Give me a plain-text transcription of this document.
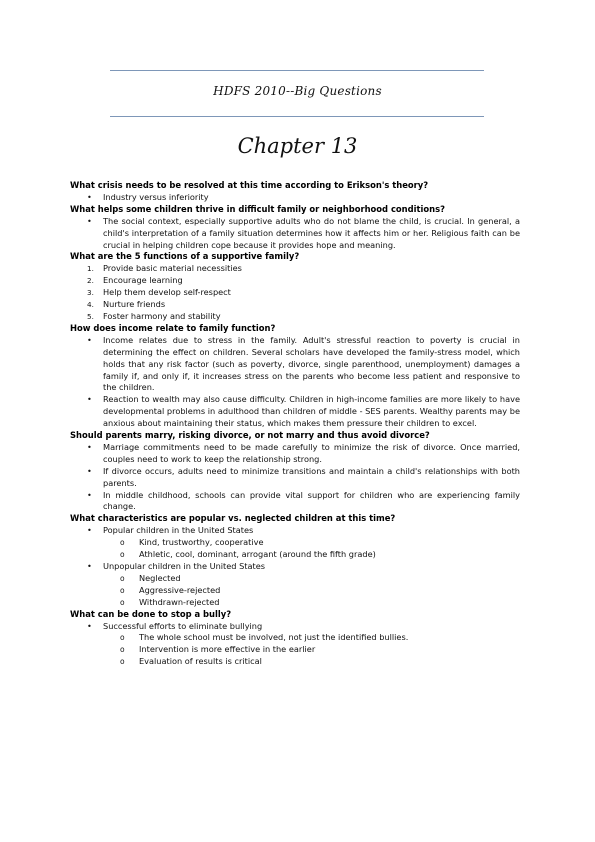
HDFS 2010--Big Questions
Chapter 13
What crisis needs to be resolved at this time according to Erikson's theory?
• Industry versus inferiority
What helps some children thrive in difficult family or neighborhood conditions?
• The social context, especially supportive adults who do not blame the child, is crucial. In general, a child's interpretation of a family situation determines how it affects him or her. Religious faith can be crucial in helping children cope because it provides hope and meaning.
What are the 5 functions of a supportive family?
1. Provide basic material necessities
2. Encourage learning
3. Help them develop self-respect
4. Nurture friends
5. Foster harmony and stability
How does income relate to family function?
• Income relates due to stress in the family. Adult's stressful reaction to poverty is crucial in determining the effect on children. Several scholars have developed the family-stress model, which holds that any risk factor (such as poverty, divorce, single parenthood, unemployment) damages a family if, and only if, it increases stress on the parents who become less patient and responsive to the children.
• Reaction to wealth may also cause difficulty. Children in high-income families are more likely to have developmental problems in adulthood than children of middle - SES parents. Wealthy parents may be anxious about maintaining their status, which makes them pressure their children to excel.
Should parents marry, risking divorce, or not marry and thus avoid divorce?
• Marriage commitments need to be made carefully to minimize the risk of divorce. Once married, couples need to work to keep the relationship strong.
• If divorce occurs, adults need to minimize transitions and maintain a child's relationships with both parents.
• In middle childhood, schools can provide vital support for children who are experiencing family change.
What characteristics are popular vs. neglected children at this time?
• Popular children in the United States
o Kind, trustworthy, cooperative
o Athletic, cool, dominant, arrogant (around the fifth grade)
• Unpopular children in the United States
o Neglected
o Aggressive-rejected
o Withdrawn-rejected
What can be done to stop a bully?
• Successful efforts to eliminate bullying
o The whole school must be involved, not just the identified bullies.
o Intervention is more effective in the earlier
o Evaluation of results is critical
